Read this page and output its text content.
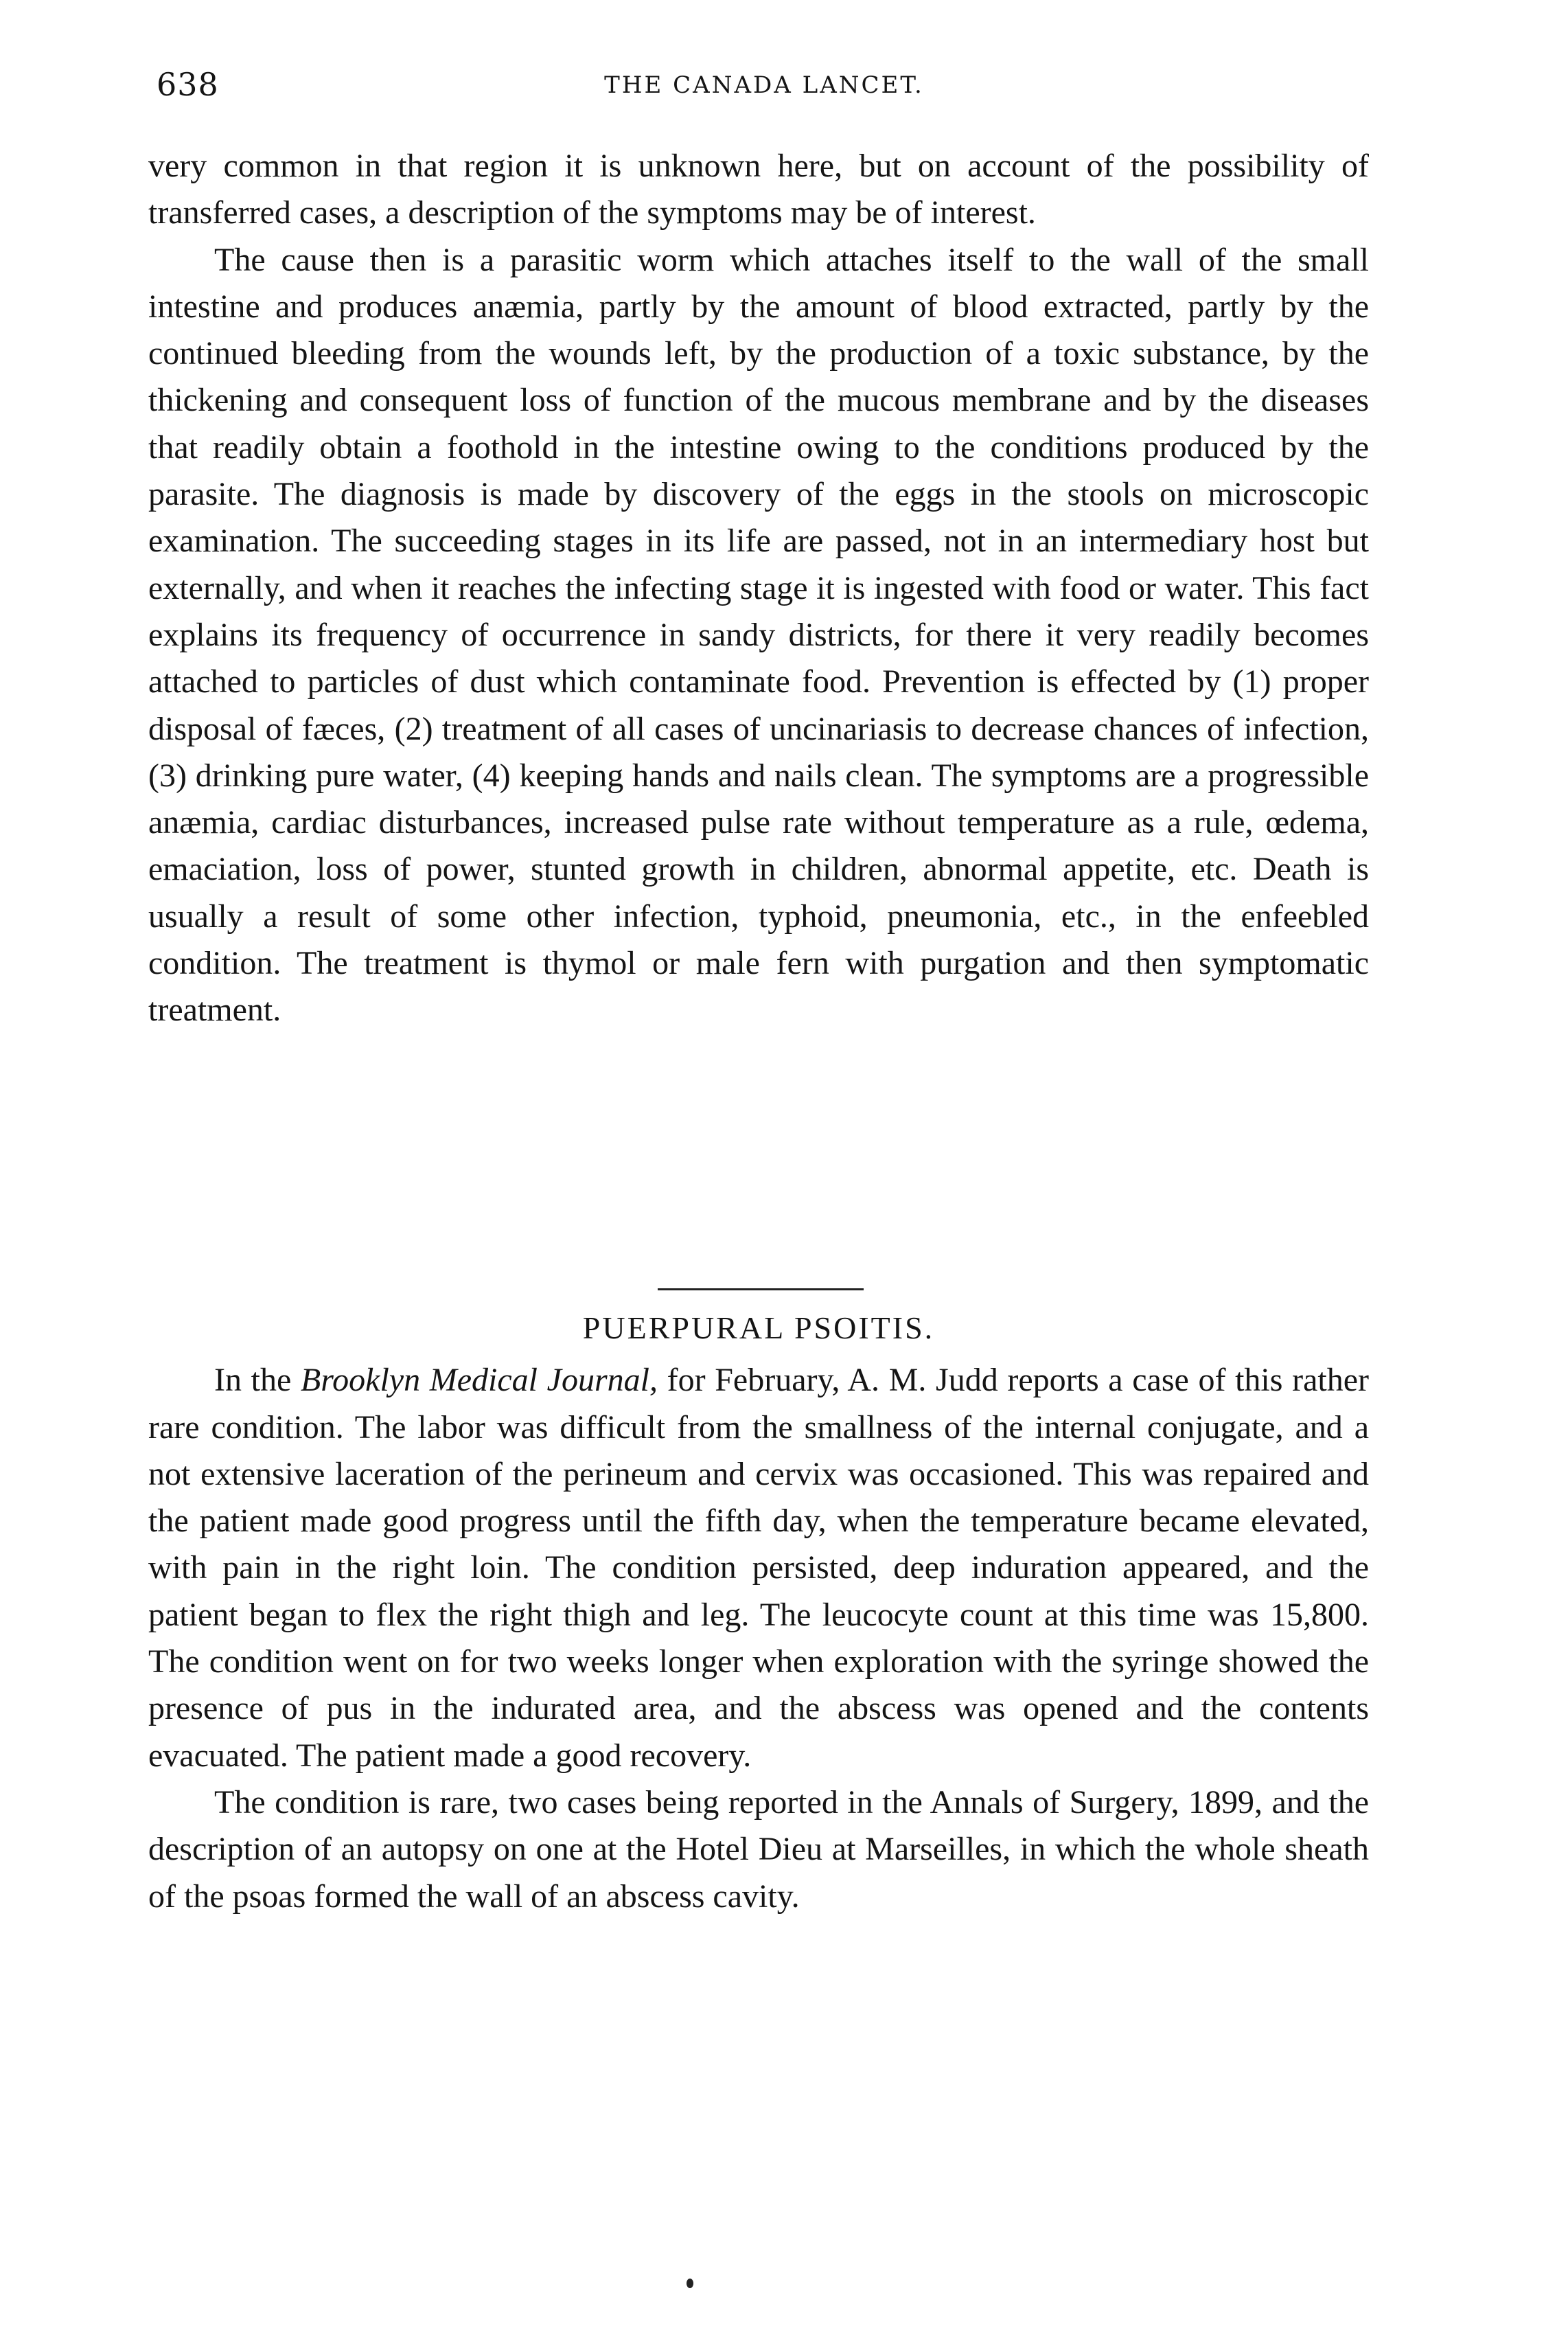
638	THE CANADA LANCET.

very common in that region it is unknown here, but on account of the possibility of transferred cases, a description of the symptoms may be of interest.

The cause then is a parasitic worm which attaches itself to the wall of the small intestine and produces anæmia, partly by the amount of blood extracted, partly by the continued bleeding from the wounds left, by the production of a toxic substance, by the thickening and consequent loss of function of the mucous membrane and by the diseases that readily obtain a foothold in the intestine owing to the conditions produced by the parasite. The diagnosis is made by discovery of the eggs in the stools on microscopic examination. The succeeding stages in its life are passed, not in an intermediary host but externally, and when it reaches the infecting stage it is ingested with food or water. This fact explains its frequency of occurrence in sandy districts, for there it very readily becomes attached to particles of dust which contaminate food. Prevention is effected by (1) proper disposal of fæces, (2) treatment of all cases of uncinariasis to decrease chances of infection, (3) drinking pure water, (4) keeping hands and nails clean. The symptoms are a progressible anæmia, cardiac disturbances, increased pulse rate without temperature as a rule, œdema, emaciation, loss of power, stunted growth in children, abnormal appetite, etc. Death is usually a result of some other infection, typhoid, pneumonia, etc., in the enfeebled condition. The treatment is thymol or male fern with purgation and then symptomatic treatment.

PUERPURAL PSOITIS.

In the Brooklyn Medical Journal, for February, A. M. Judd reports a case of this rather rare condition. The labor was difficult from the smallness of the internal conjugate, and a not extensive laceration of the perineum and cervix was occasioned. This was repaired and the patient made good progress until the fifth day, when the temperature became elevated, with pain in the right loin. The condition persisted, deep induration appeared, and the patient began to flex the right thigh and leg. The leucocyte count at this time was 15,800. The condition went on for two weeks longer when exploration with the syringe showed the presence of pus in the indurated area, and the abscess was opened and the contents evacuated. The patient made a good recovery.

The condition is rare, two cases being reported in the Annals of Surgery, 1899, and the description of an autopsy on one at the Hotel Dieu at Marseilles, in which the whole sheath of the psoas formed the wall of an abscess cavity.
